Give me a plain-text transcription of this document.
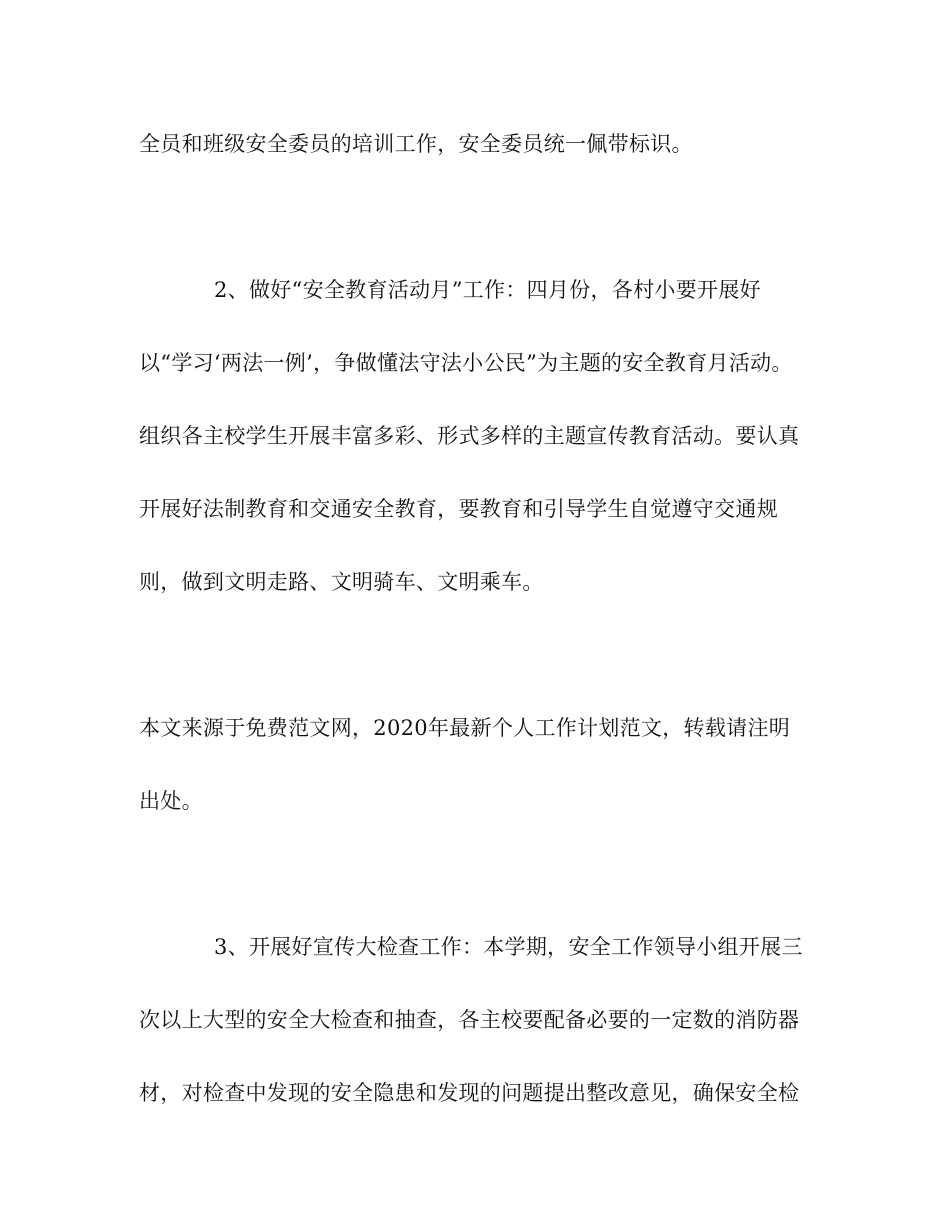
全员和班级安全委员的培训工作，安全委员统一佩带标识。
2、做好“安全教育活动月”工作：四月份，各村小要开展好
以“学习‘两法一例’，争做懂法守法小公民”为主题的安全教育月活动。
组织各主校学生开展丰富多彩、形式多样的主题宣传教育活动。要认真
开展好法制教育和交通安全教育，要教育和引导学生自觉遵守交通规
则，做到文明走路、文明骑车、文明乘车。
本文来源于免费范文网，2020年最新个人工作计划范文，转载请注明
出处。
3、开展好宣传大检查工作：本学期，安全工作领导小组开展三
次以上大型的安全大检查和抽查，各主校要配备必要的一定数的消防器
材，对检查中发现的安全隐患和发现的问题提出整改意见，确保安全检
